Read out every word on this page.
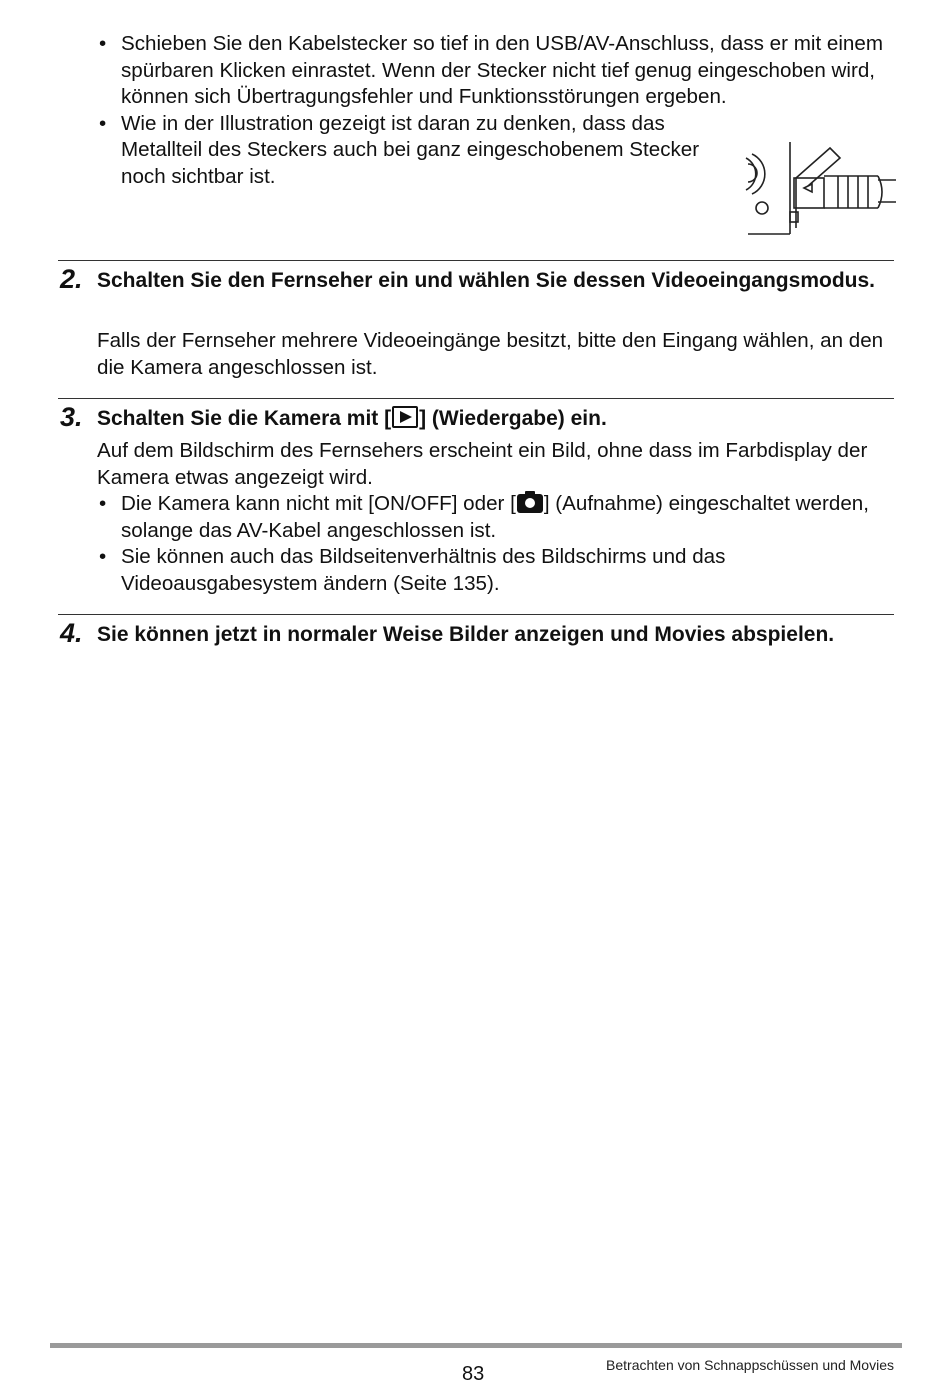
• Schieben Sie den Kabelstecker so tief in den USB/AV-Anschluss, dass er mit einem spürbaren Klicken einrastet. Wenn der Stecker nicht tief genug eingeschoben wird, können sich Übertragungsfehler und Funktionsstörungen ergeben.
• Wie in der Illustration gezeigt ist daran zu denken, dass das Metallteil des Steckers auch bei ganz eingeschobenem Stecker noch sichtbar ist.
2. Schalten Sie den Fernseher ein und wählen Sie dessen Videoeingangsmodus.
Falls der Fernseher mehrere Videoeingänge besitzt, bitte den Eingang wählen, an den die Kamera angeschlossen ist.
3. Schalten Sie die Kamera mit [ ] (Wiedergabe) ein.
Auf dem Bildschirm des Fernsehers erscheint ein Bild, ohne dass im Farbdisplay der Kamera etwas angezeigt wird.
• Die Kamera kann nicht mit [ON/OFF] oder [ ] (Aufnahme) eingeschaltet werden, solange das AV-Kabel angeschlossen ist.
• Sie können auch das Bildseitenverhältnis des Bildschirms und das Videoausgabesystem ändern (Seite 135).
4. Sie können jetzt in normaler Weise Bilder anzeigen und Movies abspielen.
83	Betrachten von Schnappschüssen und Movies
